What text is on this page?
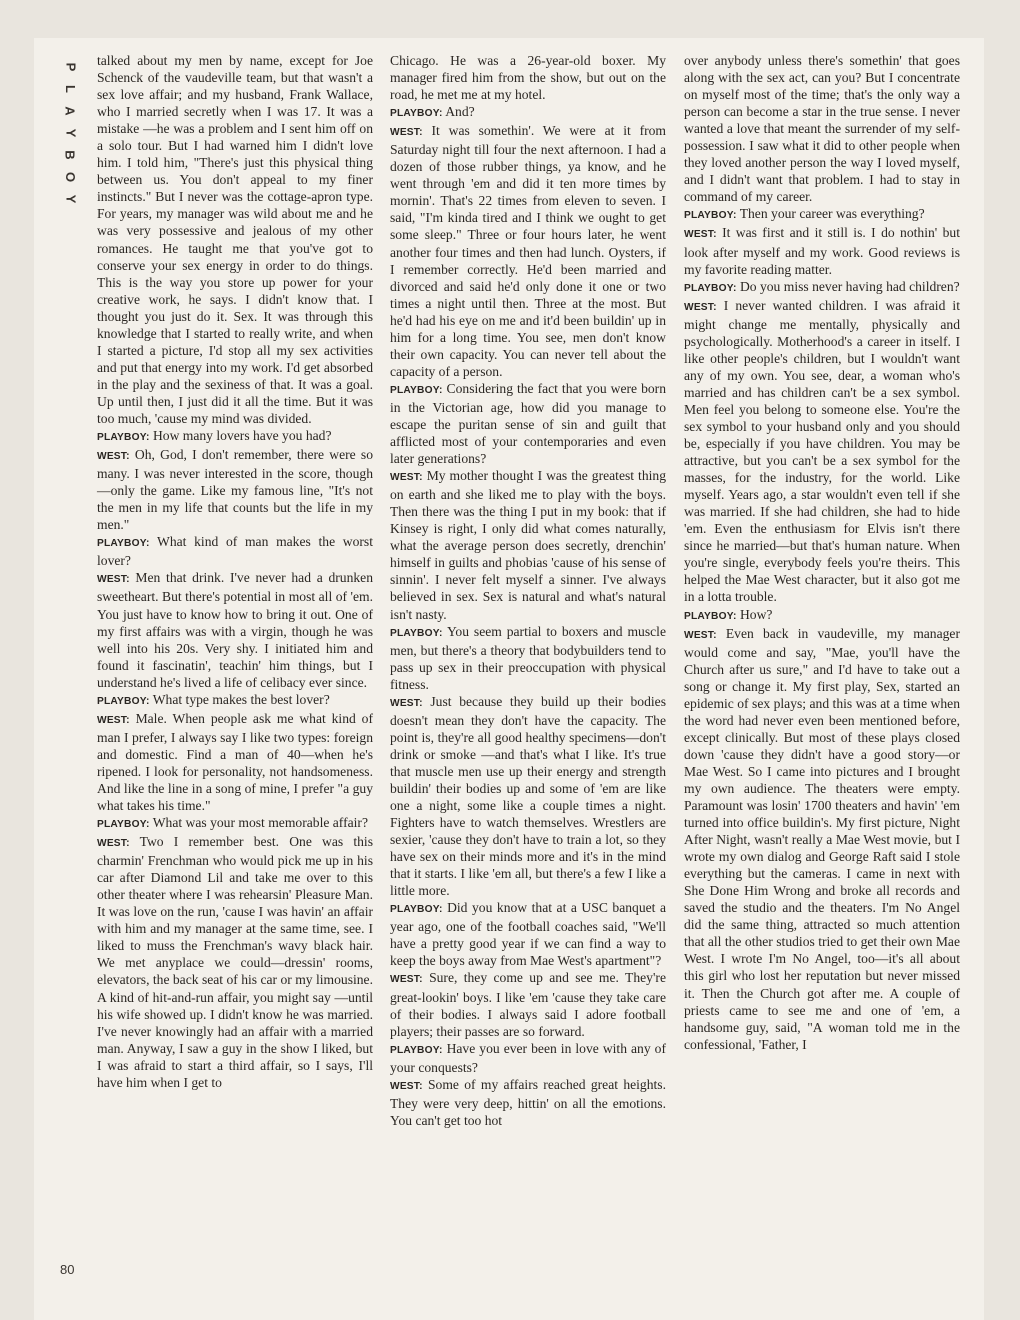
P
L
A
Y
B
O
Y

talked about my men by name, except for Joe Schenck of the vaudeville team, but that wasn't a sex love affair; and my husband, Frank Wallace, who I married secretly when I was 17. It was a mistake —he was a problem and I sent him off on a solo tour. But I had warned him I didn't love him. I told him, "There's just this physical thing between us. You don't appeal to my finer instincts." But I never was the cottage-apron type. For years, my manager was wild about me and he was very possessive and jealous of my other romances. He taught me that you've got to conserve your sex energy in order to do things. This is the way you store up power for your creative work, he says. I didn't know that. I thought you just do it. Sex. It was through this knowledge that I started to really write, and when I started a picture, I'd stop all my sex activities and put that energy into my work. I'd get absorbed in the play and the sexiness of that. It was a goal. Up until then, I just did it all the time. But it was too much, 'cause my mind was divided.

PLAYBOY: How many lovers have you had?

WEST: Oh, God, I don't remember, there were so many. I was never interested in the score, though—only the game. Like my famous line, "It's not the men in my life that counts but the life in my men."

PLAYBOY: What kind of man makes the worst lover?

WEST: Men that drink. I've never had a drunken sweetheart. But there's potential in most all of 'em. You just have to know how to bring it out. One of my first affairs was with a virgin, though he was well into his 20s. Very shy. I initiated him and found it fascinatin', teachin' him things, but I understand he's lived a life of celibacy ever since.

PLAYBOY: What type makes the best lover?

WEST: Male. When people ask me what kind of man I prefer, I always say I like two types: foreign and domestic. Find a man of 40—when he's ripened. I look for personality, not handsomeness. And like the line in a song of mine, I prefer "a guy what takes his time."

PLAYBOY: What was your most memorable affair?

WEST: Two I remember best. One was this charmin' Frenchman who would pick me up in his car after Diamond Lil and take me over to this other theater where I was rehearsin' Pleasure Man. It was love on the run, 'cause I was havin' an affair with him and my manager at the same time, see. I liked to muss the Frenchman's wavy black hair. We met anyplace we could—dressin' rooms, elevators, the back seat of his car or my limousine. A kind of hit-and-run affair, you might say —until his wife showed up. I didn't know he was married. I've never knowingly had an affair with a married man. Anyway, I saw a guy in the show I liked, but I was afraid to start a third affair, so I says, I'll have him when I get to

Chicago. He was a 26-year-old boxer. My manager fired him from the show, but out on the road, he met me at my hotel.

PLAYBOY: And?

WEST: It was somethin'. We were at it from Saturday night till four the next afternoon. I had a dozen of those rubber things, ya know, and he went through 'em and did it ten more times by mornin'. That's 22 times from eleven to seven. I said, "I'm kinda tired and I think we ought to get some sleep." Three or four hours later, he went another four times and then had lunch. Oysters, if I remember correctly. He'd been married and divorced and said he'd only done it one or two times a night until then. Three at the most. But he'd had his eye on me and it'd been buildin' up in him for a long time. You see, men don't know their own capacity. You can never tell about the capacity of a person.

PLAYBOY: Considering the fact that you were born in the Victorian age, how did you manage to escape the puritan sense of sin and guilt that afflicted most of your contemporaries and even later generations?

WEST: My mother thought I was the greatest thing on earth and she liked me to play with the boys. Then there was the thing I put in my book: that if Kinsey is right, I only did what comes naturally, what the average person does secretly, drenchin' himself in guilts and phobias 'cause of his sense of sinnin'. I never felt myself a sinner. I've always believed in sex. Sex is natural and what's natural isn't nasty.

PLAYBOY: You seem partial to boxers and muscle men, but there's a theory that bodybuilders tend to pass up sex in their preoccupation with physical fitness.

WEST: Just because they build up their bodies doesn't mean they don't have the capacity. The point is, they're all good healthy specimens—don't drink or smoke —and that's what I like. It's true that muscle men use up their energy and strength buildin' their bodies up and some of 'em are like one a night, some like a couple times a night. Fighters have to watch themselves. Wrestlers are sexier, 'cause they don't have to train a lot, so they have sex on their minds more and it's in the mind that it starts. I like 'em all, but there's a few I like a little more.

PLAYBOY: Did you know that at a USC banquet a year ago, one of the football coaches said, "We'll have a pretty good year if we can find a way to keep the boys away from Mae West's apartment"?

WEST: Sure, they come up and see me. They're great-lookin' boys. I like 'em 'cause they take care of their bodies. I always said I adore football players; their passes are so forward.

PLAYBOY: Have you ever been in love with any of your conquests?

WEST: Some of my affairs reached great heights. They were very deep, hittin' on all the emotions. You can't get too hot

over anybody unless there's somethin' that goes along with the sex act, can you? But I concentrate on myself most of the time; that's the only way a person can become a star in the true sense. I never wanted a love that meant the surrender of my self-possession. I saw what it did to other people when they loved another person the way I loved myself, and I didn't want that problem. I had to stay in command of my career.

PLAYBOY: Then your career was everything?

WEST: It was first and it still is. I do nothin' but look after myself and my work. Good reviews is my favorite reading matter.

PLAYBOY: Do you miss never having had children?

WEST: I never wanted children. I was afraid it might change me mentally, physically and psychologically. Motherhood's a career in itself. I like other people's children, but I wouldn't want any of my own. You see, dear, a woman who's married and has children can't be a sex symbol. Men feel you belong to someone else. You're the sex symbol to your husband only and you should be, especially if you have children. You may be attractive, but you can't be a sex symbol for the masses, for the industry, for the world. Like myself. Years ago, a star wouldn't even tell if she was married. If she had children, she had to hide 'em. Even the enthusiasm for Elvis isn't there since he married—but that's human nature. When you're single, everybody feels you're theirs. This helped the Mae West character, but it also got me in a lotta trouble.

PLAYBOY: How?

WEST: Even back in vaudeville, my manager would come and say, "Mae, you'll have the Church after us sure," and I'd have to take out a song or change it. My first play, Sex, started an epidemic of sex plays; and this was at a time when the word had never even been mentioned before, except clinically. But most of these plays closed down 'cause they didn't have a good story—or Mae West. So I came into pictures and I brought my own audience. The theaters were empty. Paramount was losin' 1700 theaters and havin' 'em turned into office buildin's. My first picture, Night After Night, wasn't really a Mae West movie, but I wrote my own dialog and George Raft said I stole everything but the cameras. I came in next with She Done Him Wrong and broke all records and saved the studio and the theaters. I'm No Angel did the same thing, attracted so much attention that all the other studios tried to get their own Mae West. I wrote I'm No Angel, too—it's all about this girl who lost her reputation but never missed it. Then the Church got after me. A couple of priests came to see me and one of 'em, a handsome guy, said, "A woman told me in the confessional, 'Father, I

80
